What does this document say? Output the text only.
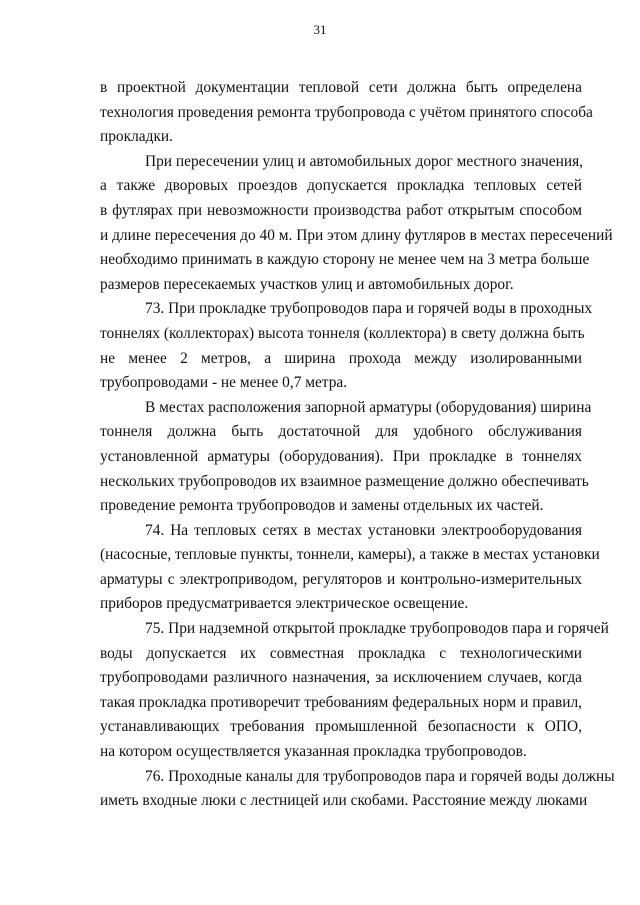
31
в проектной документации тепловой сети должна быть определена
технология проведения ремонта трубопровода с учётом принятого способа
прокладки.
При пересечении улиц и автомобильных дорог местного значения,
а также дворовых проездов допускается прокладка тепловых сетей
в футлярах при невозможности производства работ открытым способом
и длине пересечения до 40 м. При этом длину футляров в местах пересечений
необходимо принимать в каждую сторону не менее чем на 3 метра больше
размеров пересекаемых участков улиц и автомобильных дорог.
73. При прокладке трубопроводов пара и горячей воды в проходных
тоннелях (коллекторах) высота тоннеля (коллектора) в свету должна быть
не менее 2 метров, а ширина прохода между изолированными
трубопроводами - не менее 0,7 метра.
В местах расположения запорной арматуры (оборудования) ширина
тоннеля должна быть достаточной для удобного обслуживания
установленной арматуры (оборудования). При прокладке в тоннелях
нескольких трубопроводов их взаимное размещение должно обеспечивать
проведение ремонта трубопроводов и замены отдельных их частей.
74. На тепловых сетях в местах установки электрооборудования
(насосные, тепловые пункты, тоннели, камеры), а также в местах установки
арматуры с электроприводом, регуляторов и контрольно-измерительных
приборов предусматривается электрическое освещение.
75. При надземной открытой прокладке трубопроводов пара и горячей
воды допускается их совместная прокладка с технологическими
трубопроводами различного назначения, за исключением случаев, когда
такая прокладка противоречит требованиям федеральных норм и правил,
устанавливающих требования промышленной безопасности к ОПО,
на котором осуществляется указанная прокладка трубопроводов.
76. Проходные каналы для трубопроводов пара и горячей воды должны
иметь входные люки с лестницей или скобами. Расстояние между люками
